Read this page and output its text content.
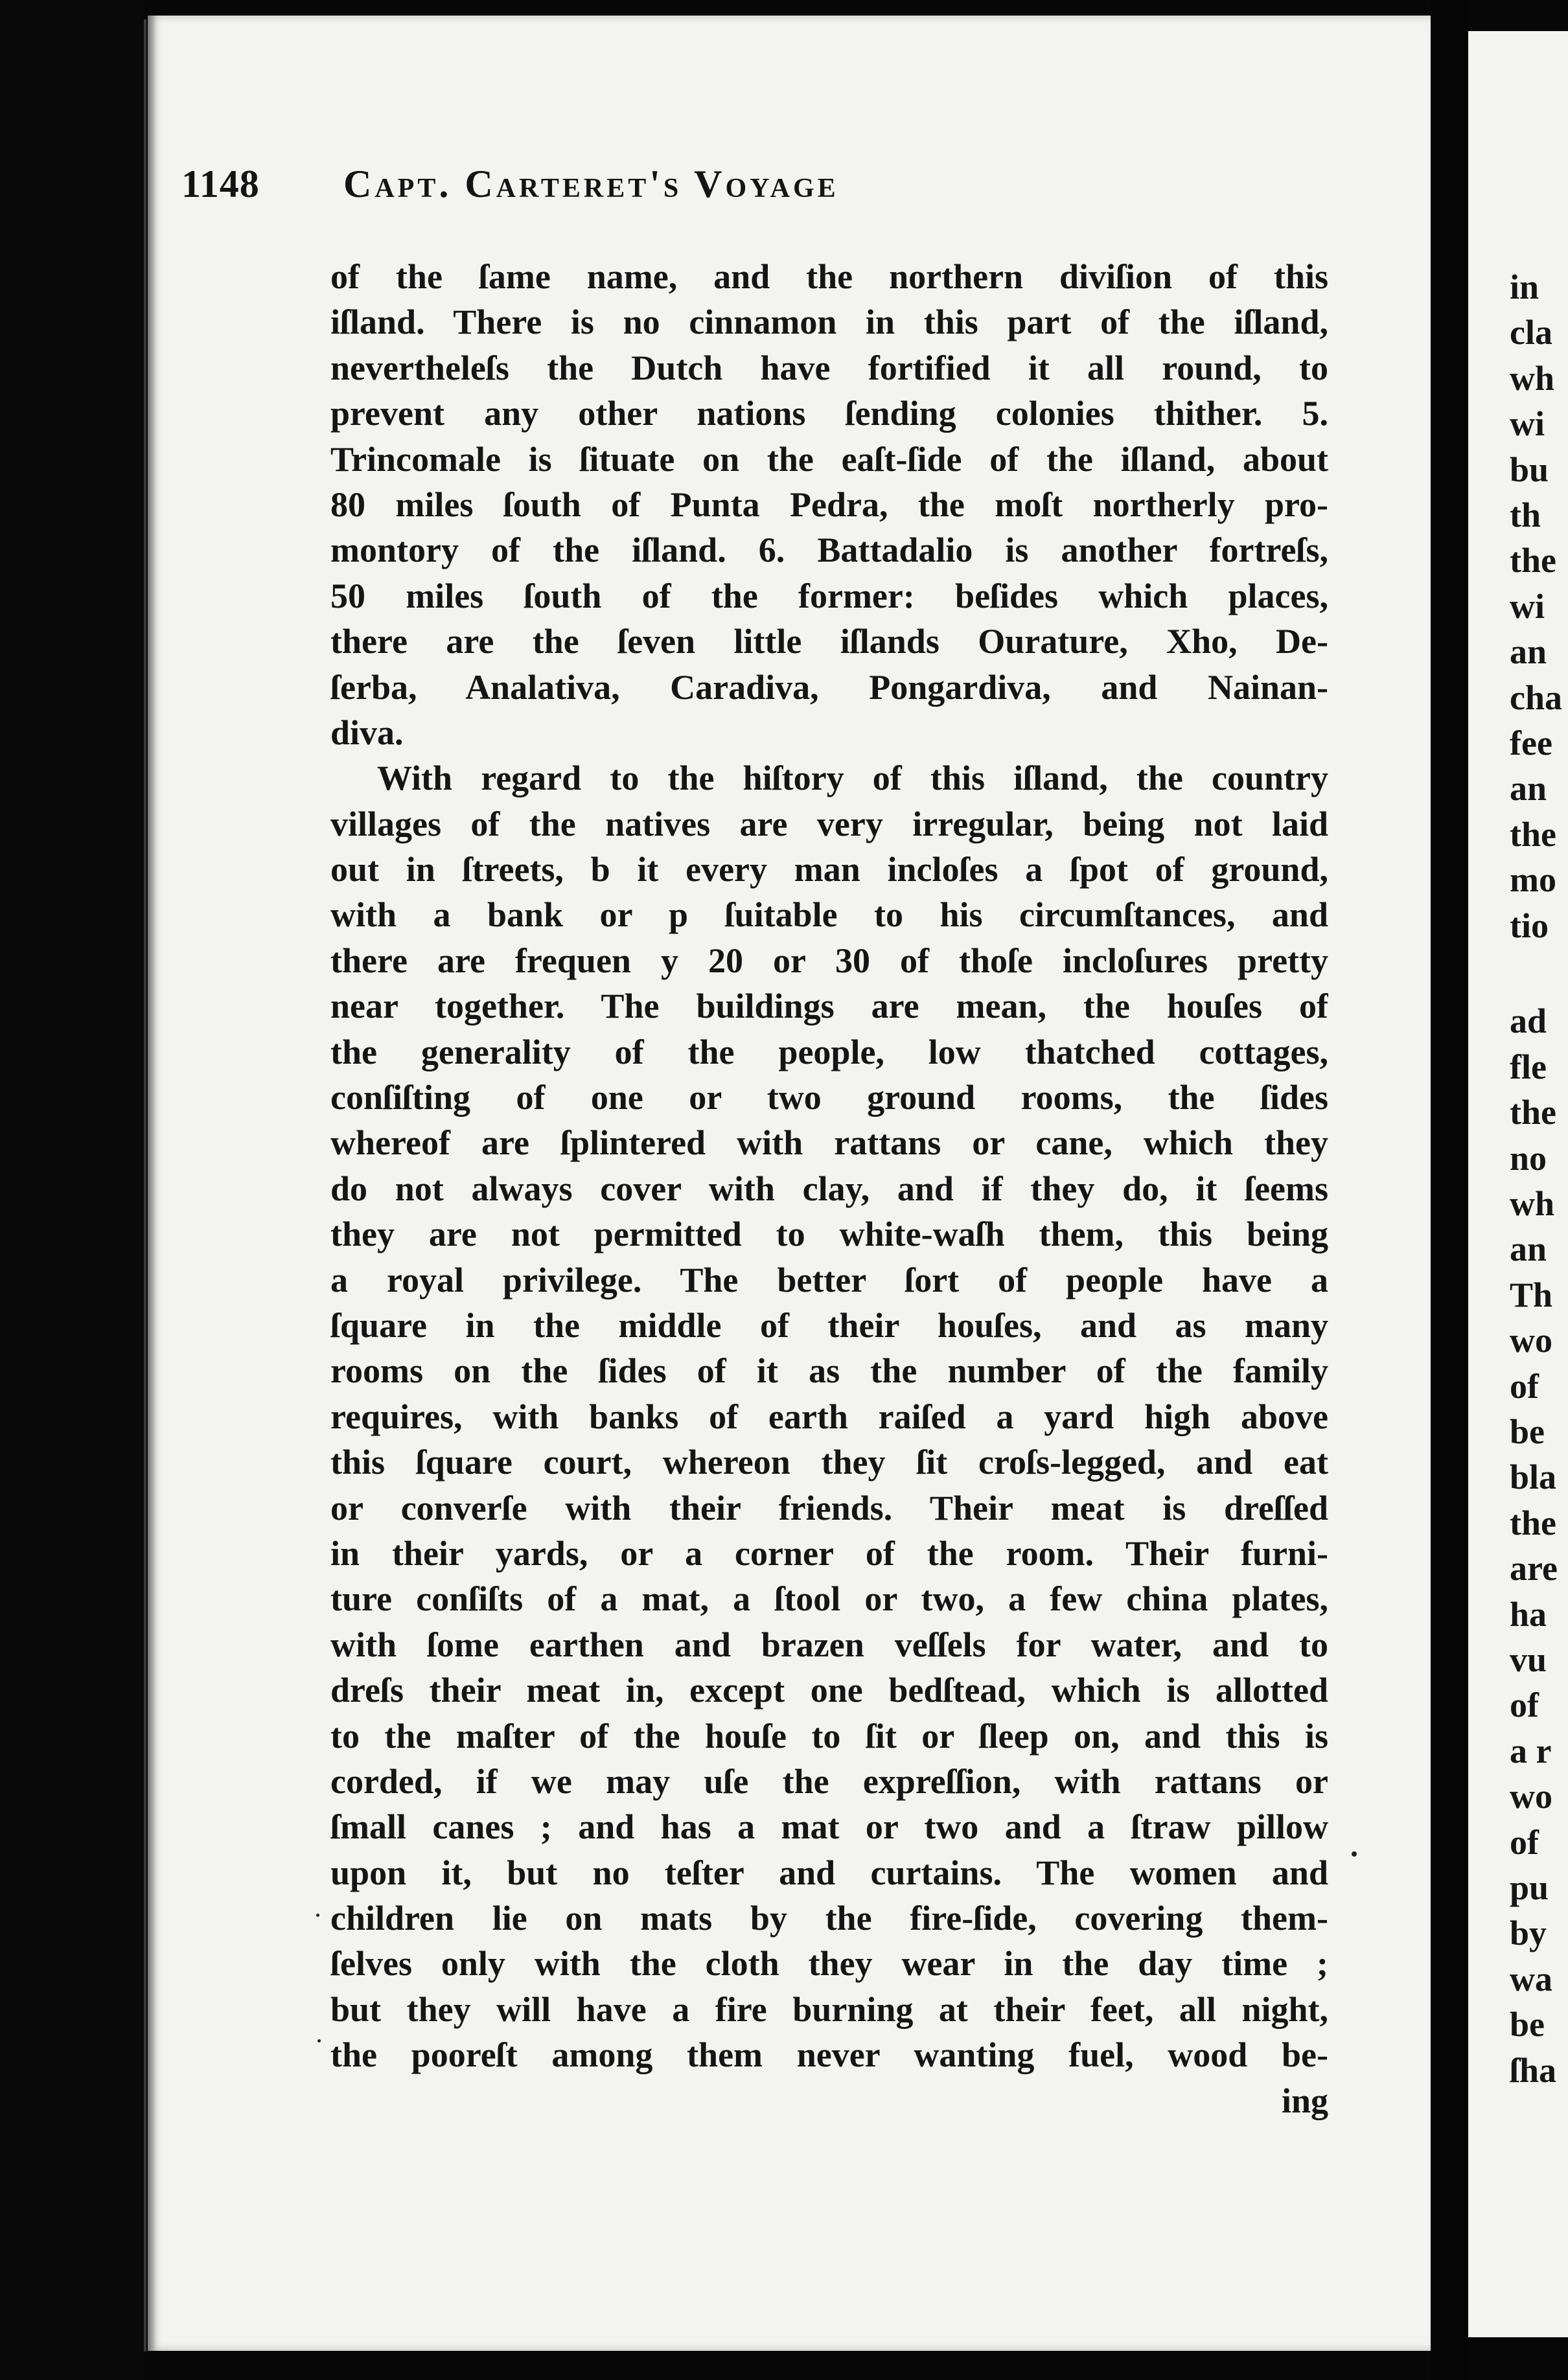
1148 Capt. Carteret's Voyage
of the ſame name, and the northern diviſion of this
iſland. There is no cinnamon in this part of the iſland,
nevertheleſs the Dutch have fortified it all round, to
prevent any other nations ſending colonies thither. 5.
Trincomale is ſituate on the eaſt-ſide of the iſland, about
80 miles ſouth of Punta Pedra, the moſt northerly pro-
montory of the iſland. 6. Battadalio is another fortreſs,
50 miles ſouth of the former: beſides which places,
there are the ſeven little iſlands Ourature, Xho, De-
ſerba, Analativa, Caradiva, Pongardiva, and Nainan-
diva.
With regard to the hiſtory of this iſland, the country
villages of the natives are very irregular, being not laid
out in ſtreets, b it every man incloſes a ſpot of ground,
with a bank or p ſuitable to his circumſtances, and
there are frequen y 20 or 30 of thoſe incloſures pretty
near together. The buildings are mean, the houſes of
the generality of the people, low thatched cottages,
conſiſting of one or two ground rooms, the ſides
whereof are ſplintered with rattans or cane, which they
do not always cover with clay, and if they do, it ſeems
they are not permitted to white-waſh them, this being
a royal privilege. The better ſort of people have a
ſquare in the middle of their houſes, and as many
rooms on the ſides of it as the number of the family
requires, with banks of earth raiſed a yard high above
this ſquare court, whereon they ſit croſs-legged, and eat
or converſe with their friends. Their meat is dreſſed
in their yards, or a corner of the room. Their furni-
ture conſiſts of a mat, a ſtool or two, a few china plates,
with ſome earthen and brazen veſſels for water, and to
dreſs their meat in, except one bedſtead, which is allotted
to the maſter of the houſe to ſit or ſleep on, and this is
corded, if we may uſe the expreſſion, with rattans or
ſmall canes ; and has a mat or two and a ſtraw pillow
upon it, but no teſter and curtains. The women and
children lie on mats by the fire-ſide, covering them-
ſelves only with the cloth they wear in the day time ;
but they will have a fire burning at their feet, all night,
the pooreſt among them never wanting fuel, wood be-
ing
in
cla
wh
wi
bu
th
the
wi
an
cha
fee
an
the
mo
tio
ad
fle
the
no
wh
an
Th
wo
of
be
bla
the
are
ha
vu
of
a r
wo
of
pu
by
wa
be
ſha
